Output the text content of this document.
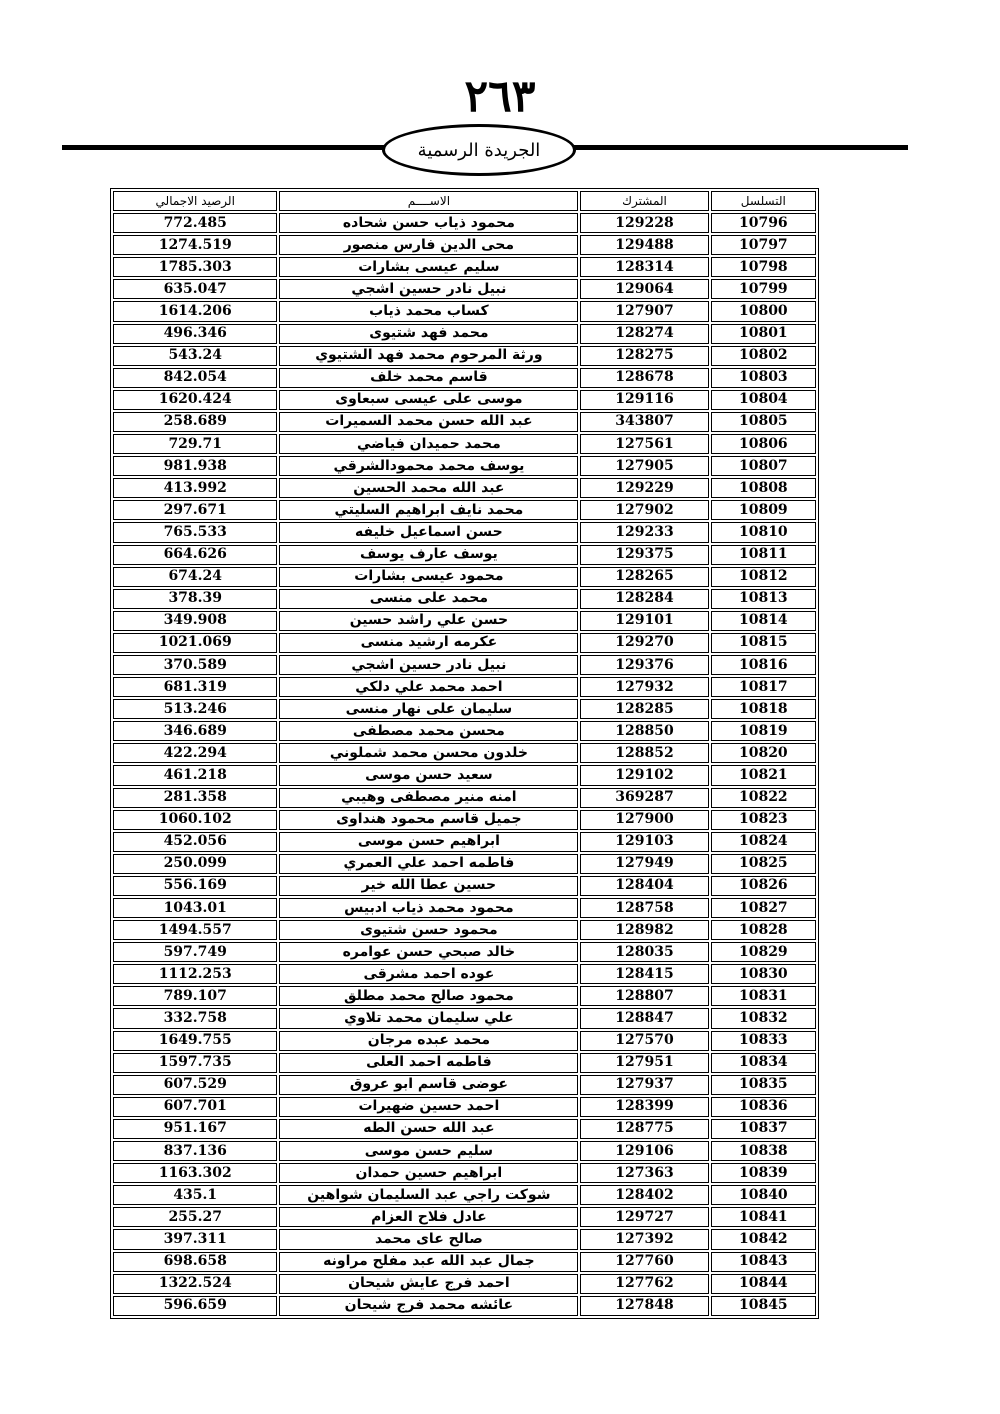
٢٦٣
الجريدة الرسمية
الرصيد الاجمالي	الاســــم	المشترك	التسلسل
772.485	محمود ذياب حسن شحاده	129228	10796
1274.519	محى الدين فارس منصور	129488	10797
1785.303	سليم عيسى بشارات	128314	10798
635.047	نبيل نادر حسين اشجي	129064	10799
1614.206	كساب محمد ذياب	127907	10800
496.346	محمد فهد شتيوى	128274	10801
543.24	ورثة المرحوم محمد فهد الشتيوي	128275	10802
842.054	قاسم محمد خلف	128678	10803
1620.424	موسى على عيسى سبعاوى	129116	10804
258.689	عبد الله حسن محمد السميرات	343807	10805
729.71	محمد حميدان فياضي	127561	10806
981.938	يوسف محمد محمودالشرقي	127905	10807
413.992	عبد الله محمد الحسين	129229	10808
297.671	محمد نايف ابراهيم السليتي	127902	10809
765.533	حسن اسماعيل خليفه	129233	10810
664.626	يوسف عارف يوسف	129375	10811
674.24	محمود عيسى بشارات	128265	10812
378.39	محمد على منسى	128284	10813
349.908	حسن علي راشد حسين	129101	10814
1021.069	عكرمه ارشيد منسى	129270	10815
370.589	نبيل نادر حسين اشجي	129376	10816
681.319	احمد محمد علي دلكي	127932	10817
513.246	سليمان على نهار منسى	128285	10818
346.689	محسن محمد مصطفى	128850	10819
422.294	خلدون محسن محمد شملوني	128852	10820
461.218	سعيد حسن موسى	129102	10821
281.358	امنه منير مصطفى وهيبي	369287	10822
1060.102	جميل قاسم محمود هنداوى	127900	10823
452.056	ابراهيم حسن موسى	129103	10824
250.099	فاطمه احمد علي العمري	127949	10825
556.169	حسين عطا الله خير	128404	10826
1043.01	محمود محمد ذياب ادبيس	128758	10827
1494.557	محمود حسن شتيوى	128982	10828
597.749	خالد صبحي حسن عوامره	128035	10829
1112.253	عوده احمد مشرقى	128415	10830
789.107	محمود صالح محمد مطلق	128807	10831
332.758	علي سليمان محمد تلاوي	128847	10832
1649.755	محمد عبده مرجان	127570	10833
1597.735	فاطمه احمد العلى	127951	10834
607.529	عوضى قاسم ابو عروق	127937	10835
607.701	احمد حسين ضهيرات	128399	10836
951.167	عبد الله حسن الطه	128775	10837
837.136	سليم حسن موسى	129106	10838
1163.302	ابراهيم حسين حمدان	127363	10839
435.1	شوكت راجي عبد السليمان شواهين	128402	10840
255.27	عادل فلاح العزام	129727	10841
397.311	صالح عاى محمد	127392	10842
698.658	جمال عبد الله عبد مفلح مراونه	127760	10843
1322.524	احمد فرج عايش شيحان	127762	10844
596.659	عائشه محمد فرج شيحان	127848	10845
